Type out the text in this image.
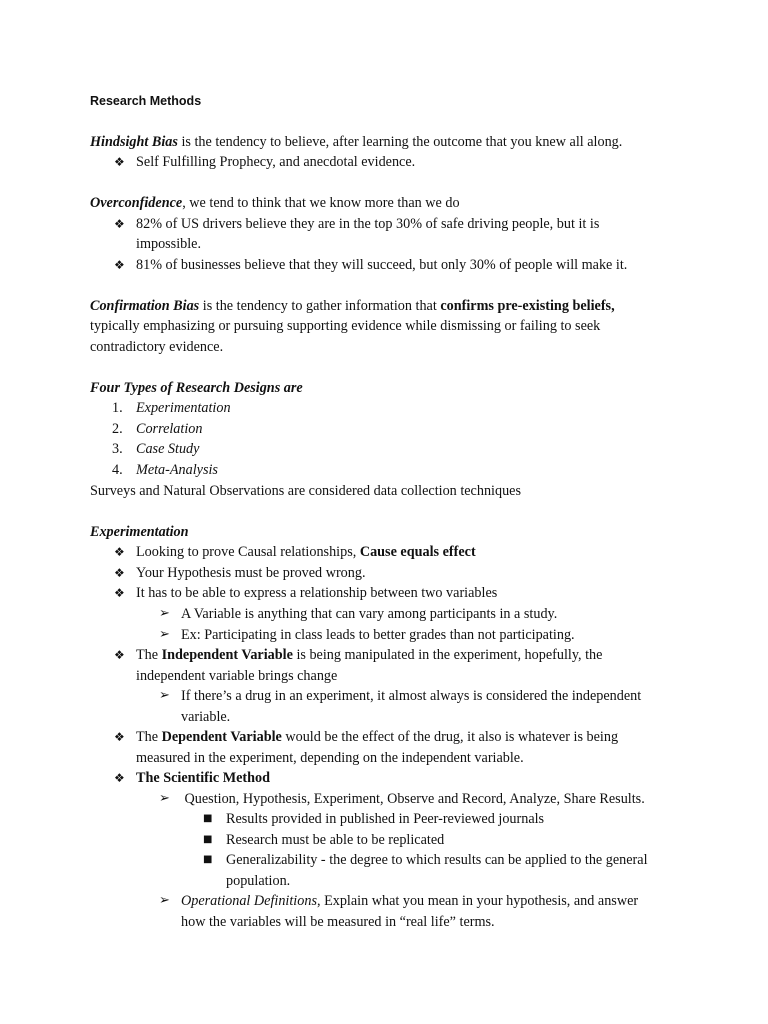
Research Methods
Hindsight Bias is the tendency to believe, after learning the outcome that you knew all along.
❖ Self Fulfilling Prophecy, and anecdotal evidence.
Overconfidence, we tend to think that we know more than we do
❖ 82% of US drivers believe they are in the top 30% of safe driving people, but it is
impossible.
❖ 81% of businesses believe that they will succeed, but only 30% of people will make it.
Confirmation Bias is the tendency to gather information that confirms pre-existing beliefs,
typically emphasizing or pursuing supporting evidence while dismissing or failing to seek
contradictory evidence.
Four Types of Research Designs are
1. Experimentation
2. Correlation
3. Case Study
4. Meta-Analysis
Surveys and Natural Observations are considered data collection techniques
Experimentation
❖ Looking to prove Causal relationships, Cause equals effect
❖ Your Hypothesis must be proved wrong.
❖ It has to be able to express a relationship between two variables
➢ A Variable is anything that can vary among participants in a study.
➢ Ex: Participating in class leads to better grades than not participating.
❖ The Independent Variable is being manipulated in the experiment, hopefully, the
independent variable brings change
➢ If there’s a drug in an experiment, it almost always is considered the independent
variable.
❖ The Dependent Variable would be the effect of the drug, it also is whatever is being
measured in the experiment, depending on the independent variable.
❖ The Scientific Method
➢ Question, Hypothesis, Experiment, Observe and Record, Analyze, Share Results.
■ Results provided in published in Peer-reviewed journals
■ Research must be able to be replicated
■ Generalizability - the degree to which results can be applied to the general
population.
➢ Operational Definitions, Explain what you mean in your hypothesis, and answer
how the variables will be measured in “real life” terms.
